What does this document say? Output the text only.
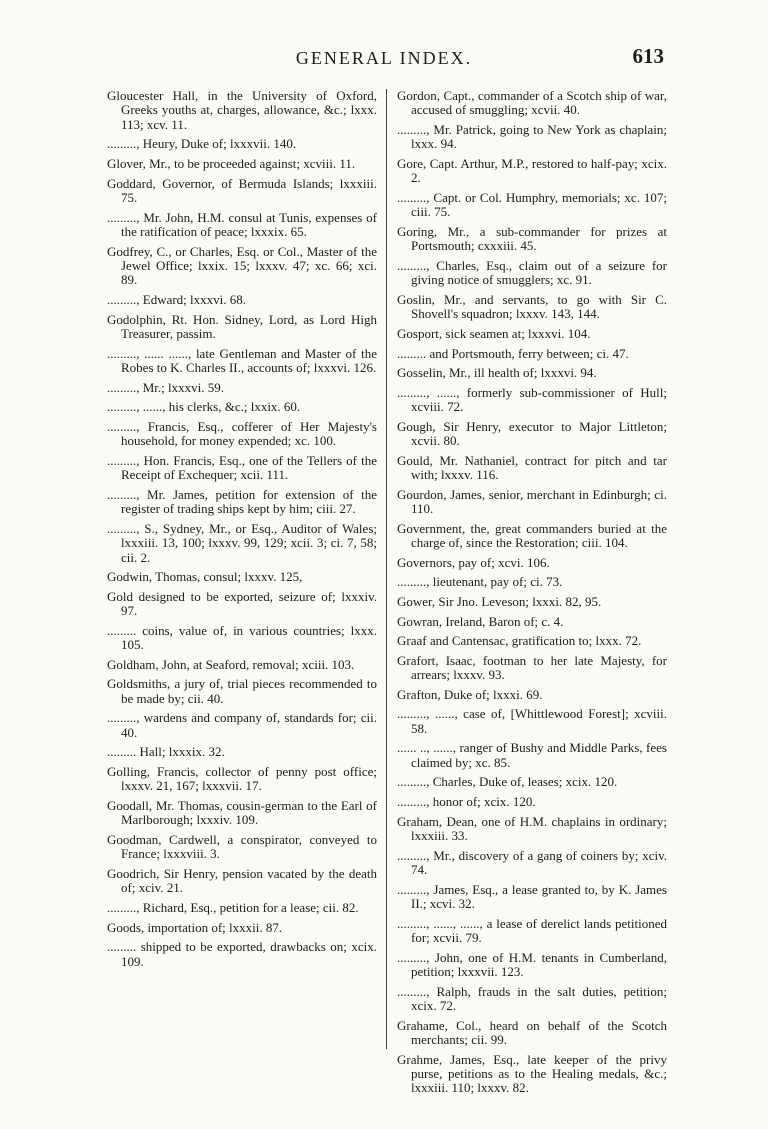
GENERAL INDEX.	613
Gloucester Hall, in the University of Oxford, Greeks youths at, charges, allowance, &c.; lxxx. 113; xcv. 11.
........., Heury, Duke of; lxxxvii. 140.
Glover, Mr., to be proceeded against; xcviii. 11.
Goddard, Governor, of Bermuda Islands; lxxxiii. 75.
........., Mr. John, H.M. consul at Tunis, expenses of the ratification of peace; lxxxix. 65.
Godfrey, C., or Charles, Esq. or Col., Master of the Jewel Office; lxxix. 15; lxxxv. 47; xc. 66; xci. 89.
........., Edward; lxxxvi. 68.
Godolphin, Rt. Hon. Sidney, Lord, as Lord High Treasurer, passim.
........., ...... ......, late Gentleman and Master of the Robes to K. Charles II., accounts of; lxxxvi. 126.
........., Mr.; lxxxvi. 59.
........., ......, his clerks, &c.; lxxix. 60.
........., Francis, Esq., cofferer of Her Majesty's household, for money expended; xc. 100.
........., Hon. Francis, Esq., one of the Tellers of the Receipt of Exchequer; xcii. 111.
........., Mr. James, petition for extension of the register of trading ships kept by him; ciii. 27.
........., S., Sydney, Mr., or Esq., Auditor of Wales; lxxxiii. 13, 100; lxxxv. 99, 129; xcii. 3; ci. 7, 58; cii. 2.
Godwin, Thomas, consul; lxxxv. 125,
Gold designed to be exported, seizure of; lxxxiv. 97.
......... coins, value of, in various countries; lxxx. 105.
Goldham, John, at Seaford, removal; xciii. 103.
Goldsmiths, a jury of, trial pieces recommended to be made by; cii. 40.
........., wardens and company of, standards for; cii. 40.
......... Hall; lxxxix. 32.
Golling, Francis, collector of penny post office; lxxxv. 21, 167; lxxxvii. 17.
Goodall, Mr. Thomas, cousin-german to the Earl of Marlborough; lxxxiv. 109.
Goodman, Cardwell, a conspirator, conveyed to France; lxxxviii. 3.
Goodrich, Sir Henry, pension vacated by the death of; xciv. 21.
........., Richard, Esq., petition for a lease; cii. 82.
Goods, importation of; lxxxii. 87.
......... shipped to be exported, drawbacks on; xcix. 109.
Gordon, Capt., commander of a Scotch ship of war, accused of smuggling; xcvii. 40.
........., Mr. Patrick, going to New York as chaplain; lxxx. 94.
Gore, Capt. Arthur, M.P., restored to half-pay; xcix. 2.
........., Capt. or Col. Humphry, memorials; xc. 107; ciii. 75.
Goring, Mr., a sub-commander for prizes at Portsmouth; cxxxiii. 45.
........., Charles, Esq., claim out of a seizure for giving notice of smugglers; xc. 91.
Goslin, Mr., and servants, to go with Sir C. Shovell's squadron; lxxxv. 143, 144.
Gosport, sick seamen at; lxxxvi. 104.
......... and Portsmouth, ferry between; ci. 47.
Gosselin, Mr., ill health of; lxxxvi. 94.
........., ......, formerly sub-commissioner of Hull; xcviii. 72.
Gough, Sir Henry, executor to Major Littleton; xcvii. 80.
Gould, Mr. Nathaniel, contract for pitch and tar with; lxxxv. 116.
Gourdon, James, senior, merchant in Edinburgh; ci. 110.
Government, the, great commanders buried at the charge of, since the Restoration; ciii. 104.
Governors, pay of; xcvi. 106.
........., lieutenant, pay of; ci. 73.
Gower, Sir Jno. Leveson; lxxxi. 82, 95.
Gowran, Ireland, Baron of; c. 4.
Graaf and Cantensac, gratification to; lxxx. 72.
Grafort, Isaac, footman to her late Majesty, for arrears; lxxxv. 93.
Grafton, Duke of; lxxxi. 69.
........., ......, case of, [Whittlewood Forest]; xcviii. 58.
...... .., ......, ranger of Bushy and Middle Parks, fees claimed by; xc. 85.
........., Charles, Duke of, leases; xcix. 120.
........., honor of; xcix. 120.
Graham, Dean, one of H.M. chaplains in ordinary; lxxxiii. 33.
........., Mr., discovery of a gang of coiners by; xciv. 74.
........., James, Esq., a lease granted to, by K. James II.; xcvi. 32.
........., ......, ......, a lease of derelict lands petitioned for; xcvii. 79.
........., John, one of H.M. tenants in Cumberland, petition; lxxxvii. 123.
........., Ralph, frauds in the salt duties, petition; xcix. 72.
Grahame, Col., heard on behalf of the Scotch merchants; cii. 99.
Grahme, James, Esq., late keeper of the privy purse, petitions as to the Healing medals, &c.; lxxxiii. 110; lxxxv. 82.
